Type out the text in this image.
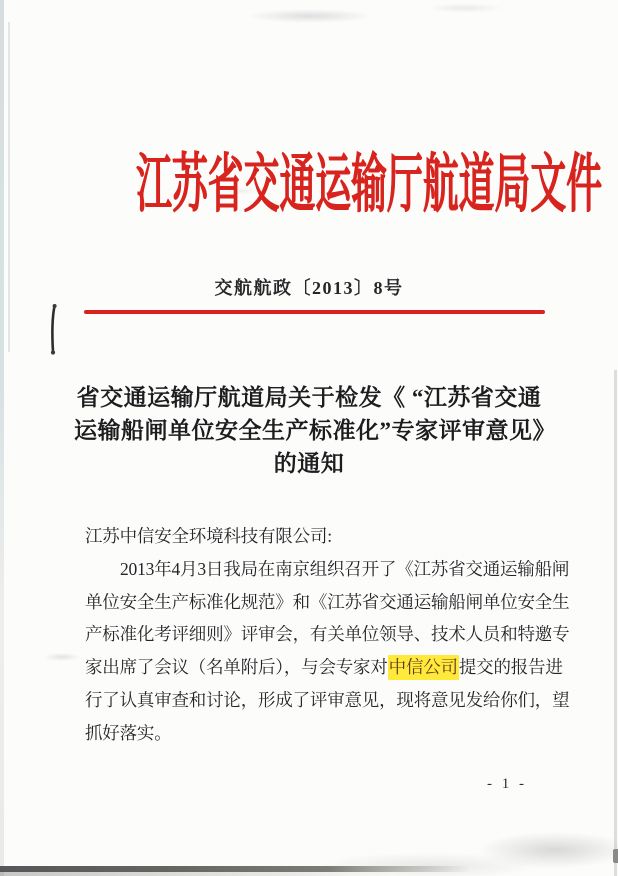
江苏省交通运输厅航道局文件
交航航政〔2013〕8号
省交通运输厅航道局关于检发《 “江苏省交通
运输船闸单位安全生产标准化”专家评审意见》
的通知
江苏中信安全环境科技有限公司:
2013年4月3日我局在南京组织召开了《江苏省交通运输船闸
单位安全生产标准化规范》和《江苏省交通运输船闸单位安全生
产标准化考评细则》评审会，有关单位领导、技术人员和特邀专
家出席了会议（名单附后），与会专家对中信公司提交的报告进
行了认真审查和讨论，形成了评审意见，现将意见发给你们，望
抓好落实。
- 1 -
